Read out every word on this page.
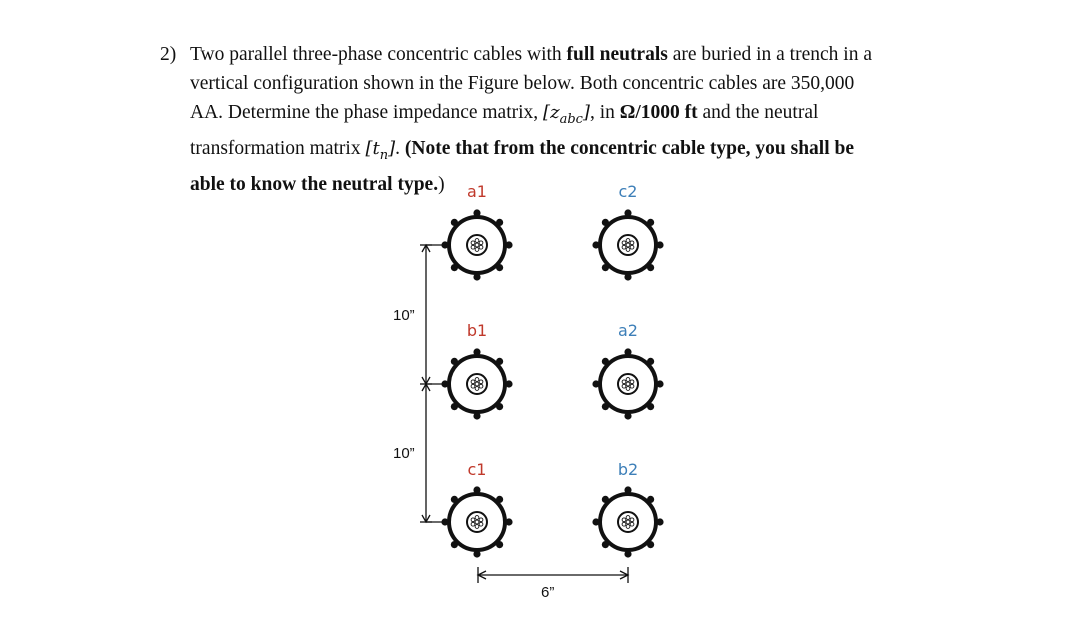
2) Two parallel three-phase concentric cables with full neutrals are buried in a trench in a
vertical configuration shown in the Figure below. Both concentric cables are 350,000
AA. Determine the phase impedance matrix, $[z_{abc}]$, in Ω/1000 ft and the neutral
transformation matrix $[t_n]$. (Note that from the concentric cable type, you shall be
able to know the neutral type.)
10”
10”
6”
a1
b1
c1
c2
a2
b2
